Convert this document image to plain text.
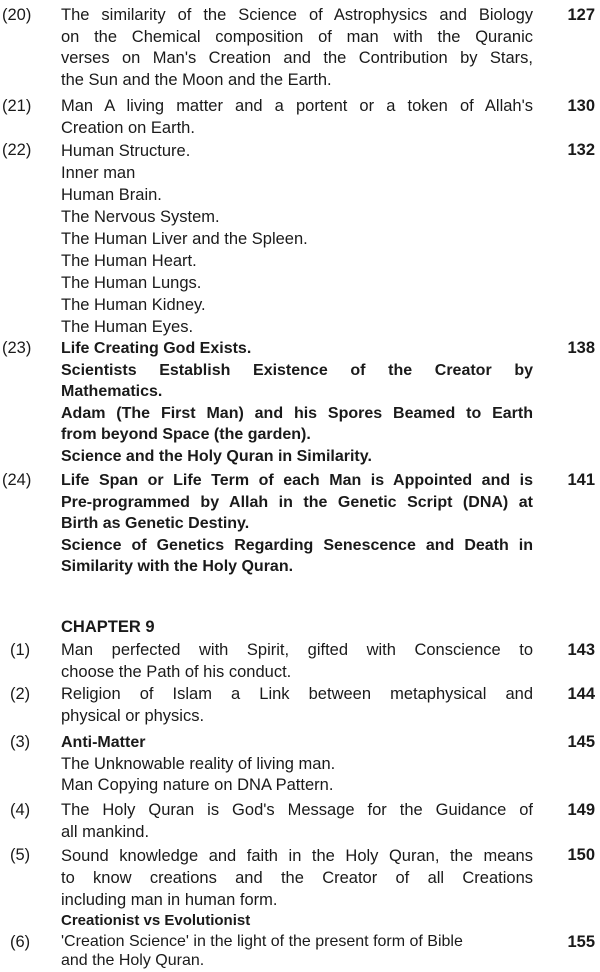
(20) The similarity of the Science of Astrophysics and Biology
on the Chemical composition of man with the Quranic
verses on Man's Creation and the Contribution by Stars,
the Sun and the Moon and the Earth.
127
(21) Man A living matter and a portent or a token of Allah's
Creation on Earth.
130
(22) Human Structure.
Inner man
Human Brain.
The Nervous System.
The Human Liver and the Spleen.
The Human Heart.
The Human Lungs.
The Human Kidney.
The Human Eyes.
132
(23) Life Creating God Exists.
Scientists Establish Existence of the Creator by
Mathematics.
Adam (The First Man) and his Spores Beamed to Earth
from beyond Space (the garden).
Science and the Holy Quran in Similarity.
138
(24) Life Span or Life Term of each Man is Appointed and is
Pre-programmed by Allah in the Genetic Script (DNA) at
Birth as Genetic Destiny.
Science of Genetics Regarding Senescence and Death in
Similarity with the Holy Quran.
141
CHAPTER 9
(1) Man perfected with Spirit, gifted with Conscience to
choose the Path of his conduct.
143
(2) Religion of Islam a Link between metaphysical and
physical or physics.
144
(3) Anti-Matter
The Unknowable reality of living man.
Man Copying nature on DNA Pattern.
145
(4) The Holy Quran is God's Message for the Guidance of
all mankind.
149
(5) Sound knowledge and faith in the Holy Quran, the means
to know creations and the Creator of all Creations
including man in human form.
Creationist vs Evolutionist
150
(6) 'Creation Science' in the light of the present form of Bible
and the Holy Quran.
155
